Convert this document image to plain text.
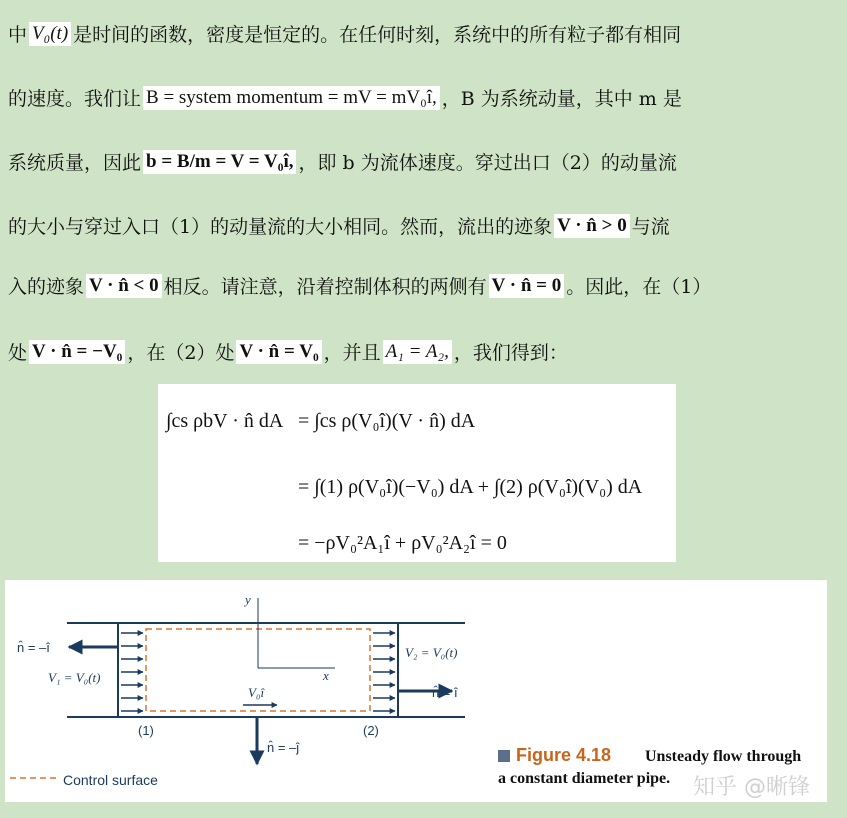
中 V₀(t) 是时间的函数，密度是恒定的。在任何时刻，系统中的所有粒子都有相同
的速度。我们让 B = system momentum = mV = mV₀î, ，B 为系统动量，其中 m 是
系统质量，因此 b = B/m = V = V₀î, ，即 b 为流体速度。穿过出口（2）的动量流
的大小与穿过入口（1）的动量流的大小相同。然而，流出的迹象 V · n̂ > 0 与流
入的迹象 V · n̂ < 0 相反。请注意，沿着控制体积的两侧有 V · n̂ = 0 。因此，在（1）
处 V · n̂ = −V₀ ，在（2）处 V · n̂ = V₀ ，并且 A₁ = A₂, ，我们得到：
∫cs ρbV · n̂ dA = ∫cs ρ(V₀î)(V · n̂) dA
= ∫(1) ρ(V₀î)(−V₀) dA + ∫(2) ρ(V₀î)(V₀) dA
= −ρV₀²A₁î + ρV₀²A₂î = 0
n̂ = –î
V₁ = V₀(t)
V₂ = V₀(t)
n̂ = î
n̂ = –ĵ
V₀î
x
y
(1)	(2)
Control surface
Figure 4.18 Unsteady flow through
a constant diameter pipe. 知乎 @晰锋
